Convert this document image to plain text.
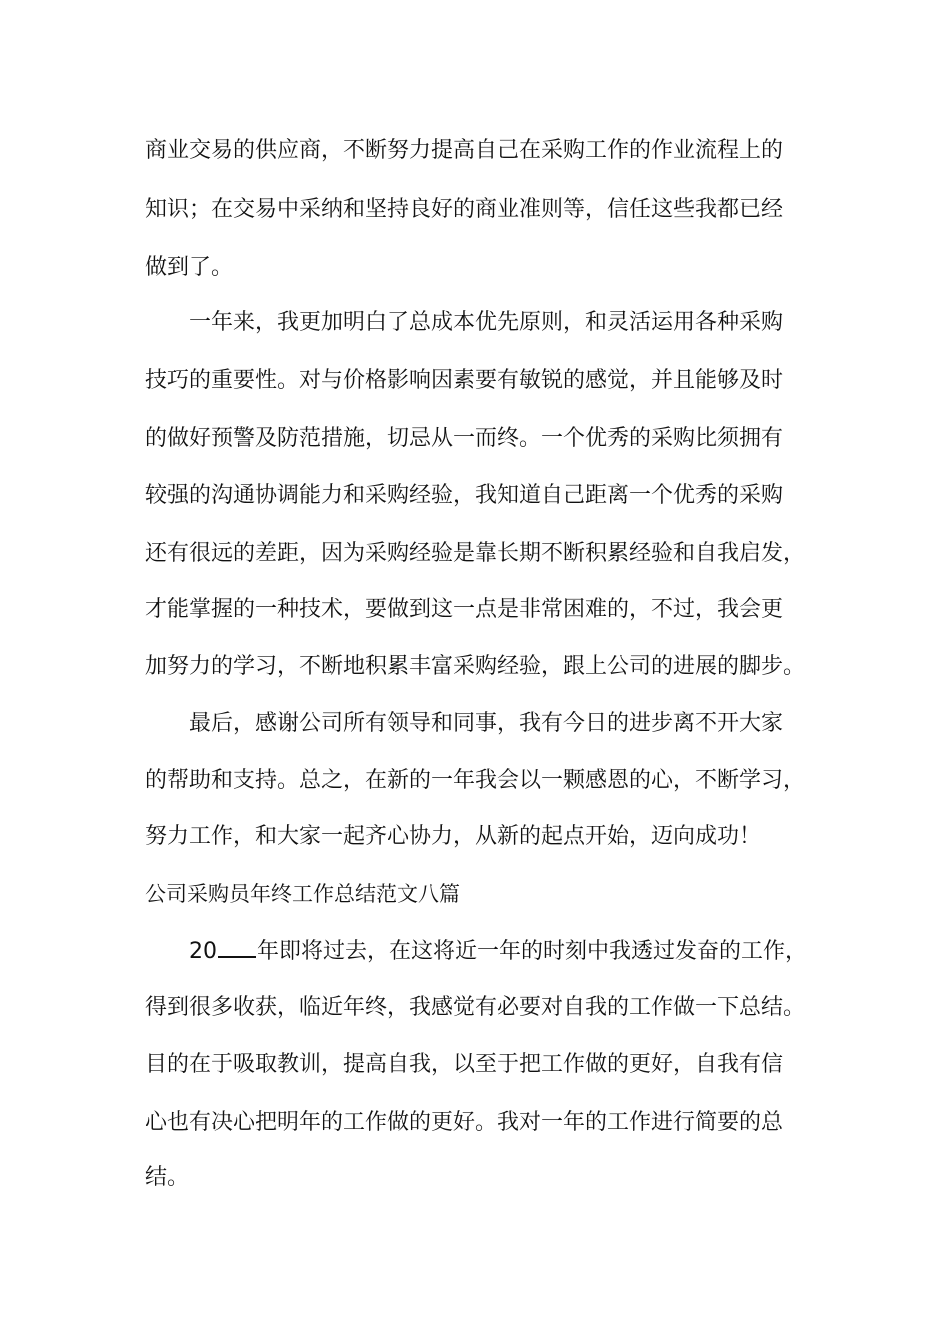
商业交易的供应商，不断努力提高自己在采购工作的作业流程上的
知识；在交易中采纳和坚持良好的商业准则等，信任这些我都已经
做到了。
一年来，我更加明白了总成本优先原则，和灵活运用各种采购
技巧的重要性。对与价格影响因素要有敏锐的感觉，并且能够及时
的做好预警及防范措施，切忌从一而终。一个优秀的采购比须拥有
较强的沟通协调能力和采购经验，我知道自己距离一个优秀的采购
还有很远的差距，因为采购经验是靠长期不断积累经验和自我启发，
才能掌握的一种技术，要做到这一点是非常困难的，不过，我会更
加努力的学习，不断地积累丰富采购经验，跟上公司的进展的脚步。
最后，感谢公司所有领导和同事，我有今日的进步离不开大家
的帮助和支持。总之，在新的一年我会以一颗感恩的心，不断学习，
努力工作，和大家一起齐心协力，从新的起点开始，迈向成功！
公司采购员年终工作总结范文八篇
20 年即将过去，在这将近一年的时刻中我透过发奋的工作，
得到很多收获，临近年终，我感觉有必要对自我的工作做一下总结。
目的在于吸取教训，提高自我，以至于把工作做的更好，自我有信
心也有决心把明年的工作做的更好。我对一年的工作进行简要的总
结。
